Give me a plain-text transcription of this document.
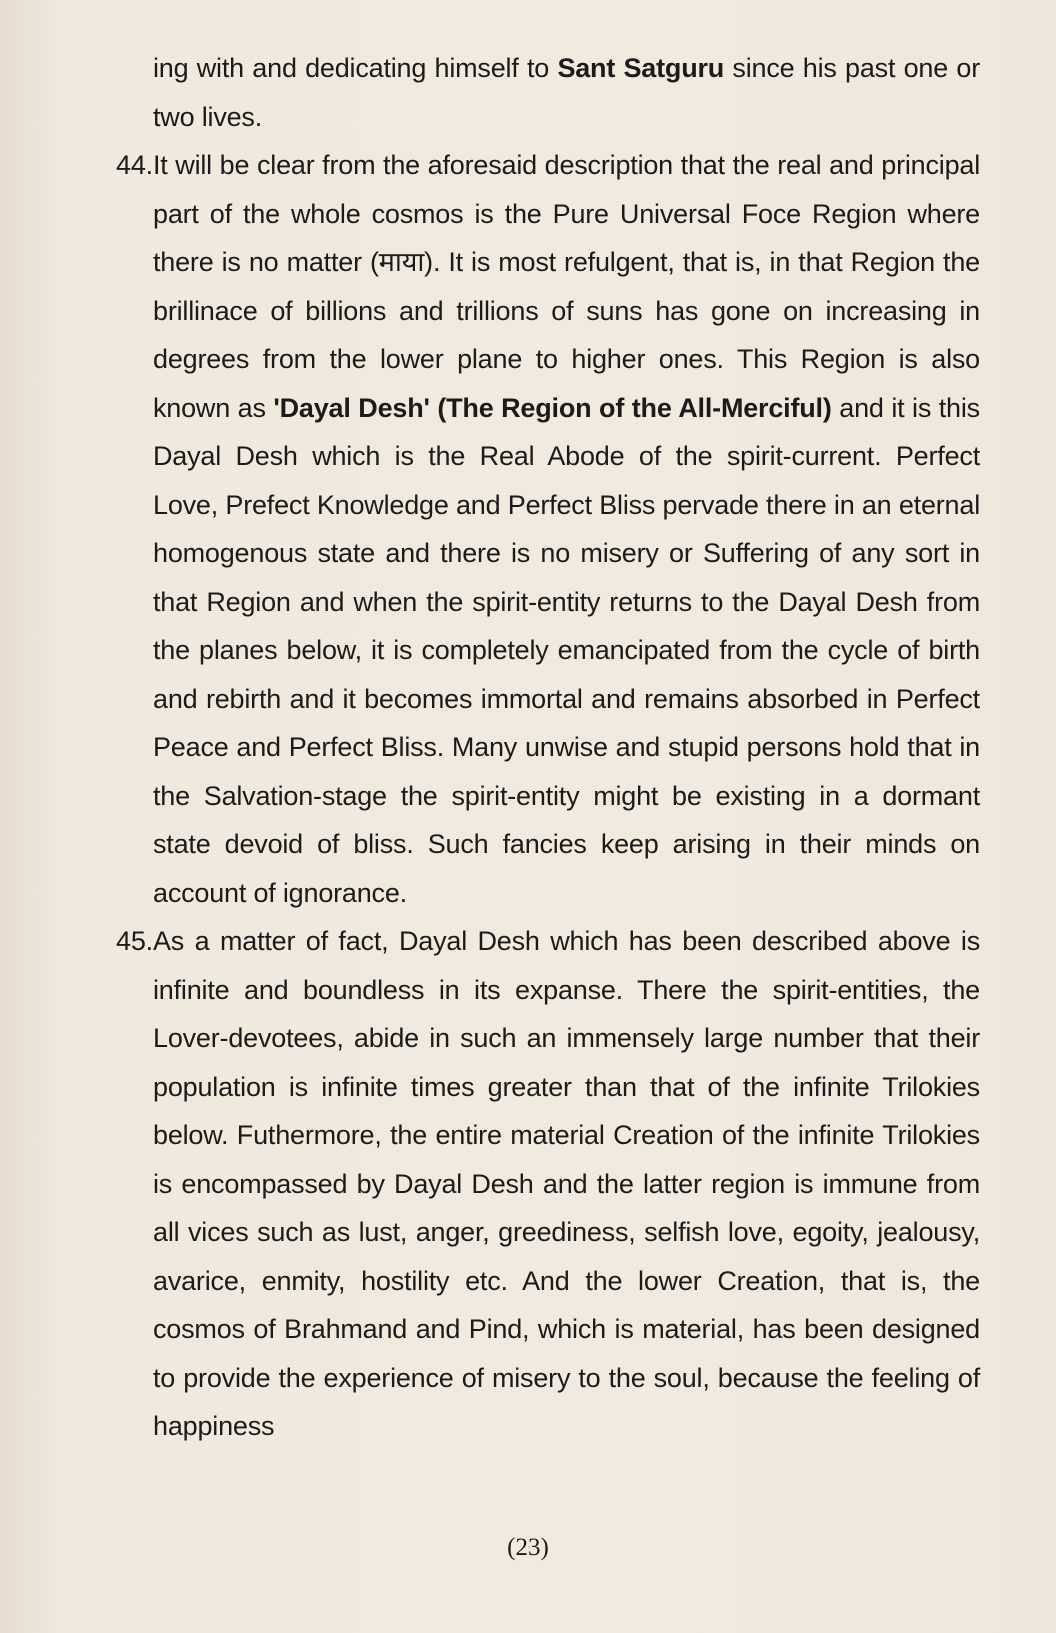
ing with and dedicating himself to Sant Satguru since his past one or two lives.

44. It will be clear from the aforesaid description that the real and principal part of the whole cosmos is the Pure Universal Foce Region where there is no matter (माया). It is most refulgent, that is, in that Region the brillinace of billions and trillions of suns has gone on increasing in degrees from the lower plane to higher ones. This Region is also known as 'Dayal Desh' (The Region of the All-Merciful) and it is this Dayal Desh which is the Real Abode of the spirit-current. Perfect Love, Prefect Knowledge and Perfect Bliss pervade there in an eternal homogenous state and there is no misery or Suffering of any sort in that Region and when the spirit-entity returns to the Dayal Desh from the planes below, it is completely emancipated from the cycle of birth and rebirth and it becomes immortal and remains absorbed in Perfect Peace and Perfect Bliss. Many unwise and stupid persons hold that in the Salvation-stage the spirit-entity might be existing in a dormant state devoid of bliss. Such fancies keep arising in their minds on account of ignorance.

45. As a matter of fact, Dayal Desh which has been described above is infinite and boundless in its expanse. There the spirit-entities, the Lover-devotees, abide in such an immensely large number that their population is infinite times greater than that of the infinite Trilokies below. Futhermore, the entire material Creation of the infinite Trilokies is encompassed by Dayal Desh and the latter region is immune from all vices such as lust, anger, greediness, selfish love, egoity, jealousy, avarice, enmity, hostility etc. And the lower Creation, that is, the cosmos of Brahmand and Pind, which is material, has been designed to provide the experience of misery to the soul, because the feeling of happiness

(23)
